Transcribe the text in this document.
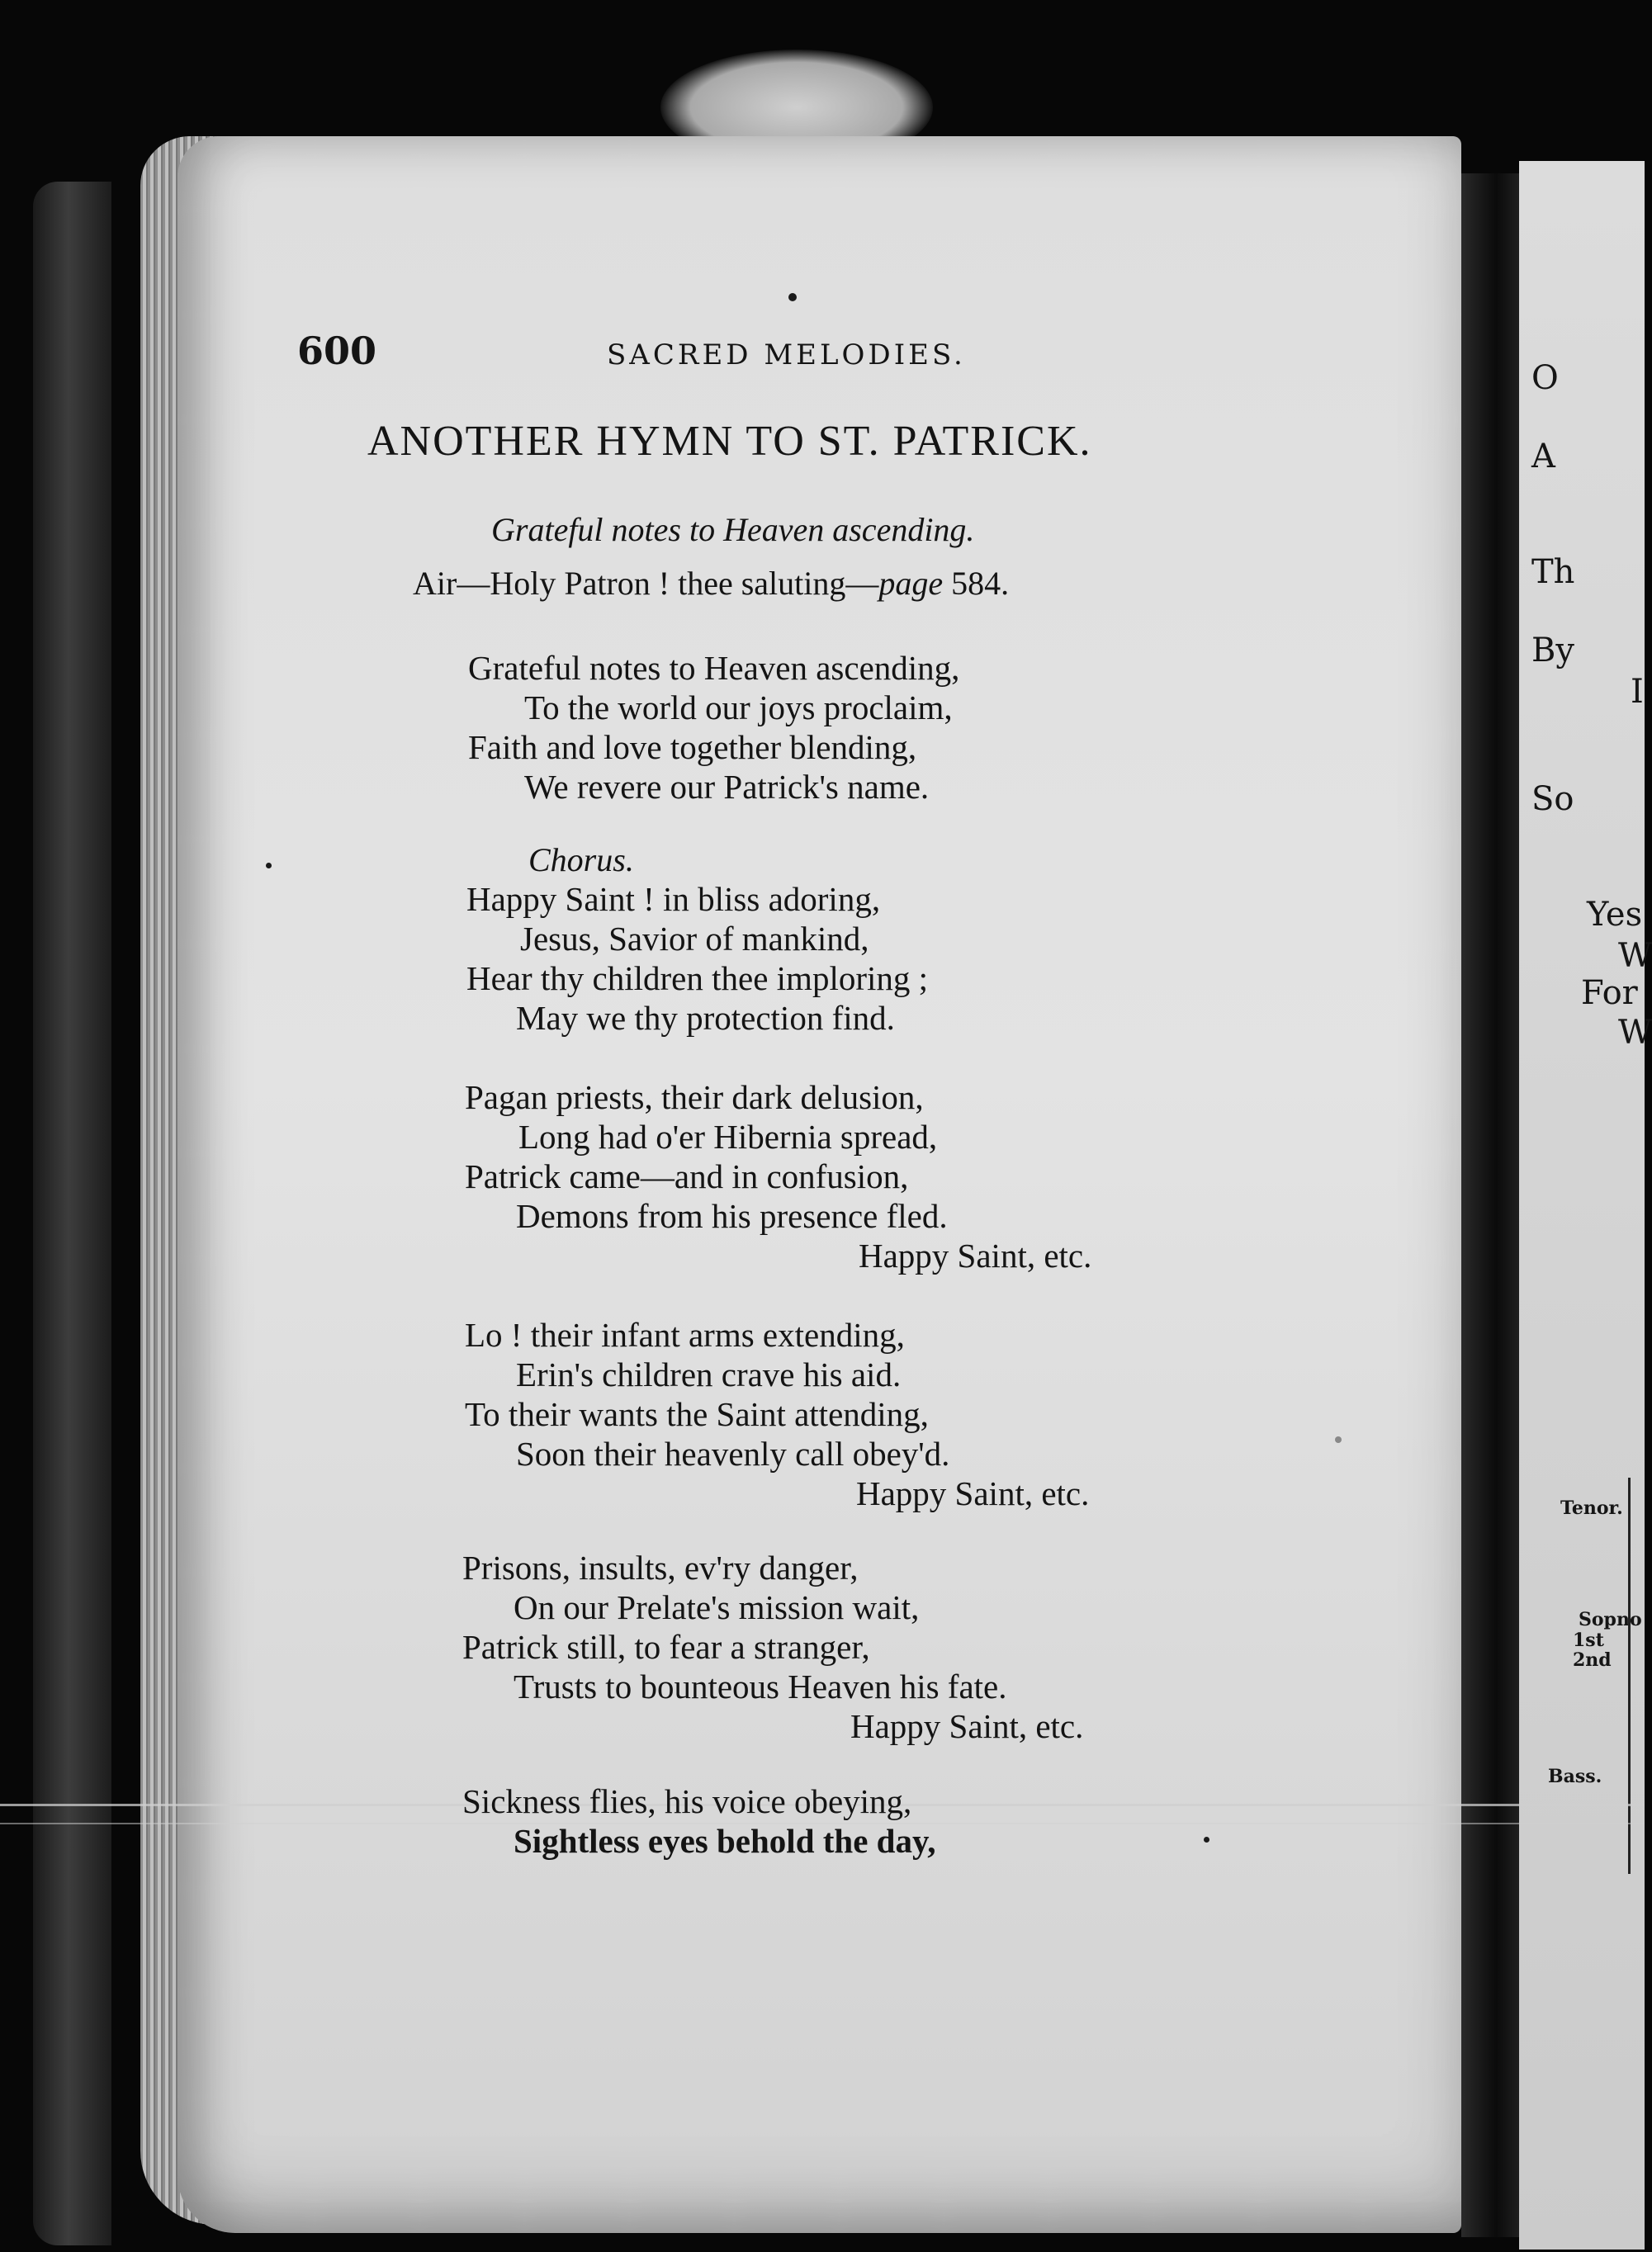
O
A
Th
By
I
So
Yes
W
For
W
Tenor.
Sopno
1st 2nd
Bass.
600	SACRED MELODIES.
ANOTHER HYMN TO ST. PATRICK.
Grateful notes to Heaven ascending.
Air—Holy Patron ! thee saluting—page 584.
Grateful notes to Heaven ascending,
To the world our joys proclaim,
Faith and love together blending,
We revere our Patrick's name.
Chorus.
Happy Saint ! in bliss adoring,
Jesus, Savior of mankind,
Hear thy children thee imploring ;
May we thy protection find.
Pagan priests, their dark delusion,
Long had o'er Hibernia spread,
Patrick came—and in confusion,
Demons from his presence fled.
Happy Saint, etc.
Lo ! their infant arms extending,
Erin's children crave his aid.
To their wants the Saint attending,
Soon their heavenly call obey'd.
Happy Saint, etc.
Prisons, insults, ev'ry danger,
On our Prelate's mission wait,
Patrick still, to fear a stranger,
Trusts to bounteous Heaven his fate.
Happy Saint, etc.
Sickness flies, his voice obeying,
Sightless eyes behold the day,
